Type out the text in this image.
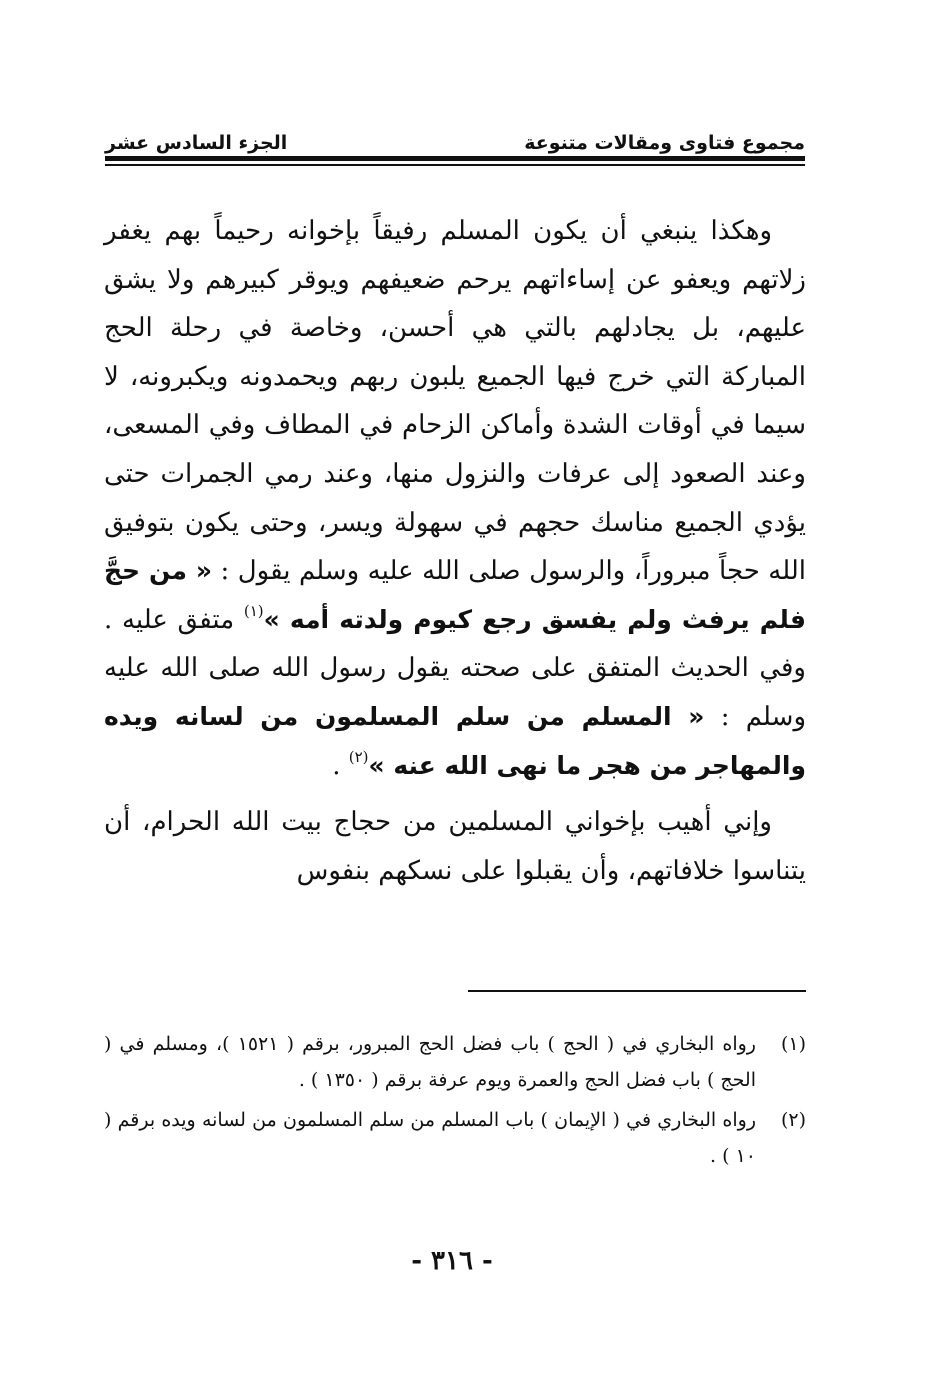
مجموع فتاوى ومقالات متنوعة
الجزء السادس عشر

وهكذا ينبغي أن يكون المسلم رفيقاً بإخوانه رحيماً بهم يغفر زلاتهم ويعفو عن إساءاتهم يرحم ضعيفهم ويوقر كبيرهم ولا يشق عليهم، بل يجادلهم بالتي هي أحسن، وخاصة في رحلة الحج المباركة التي خرج فيها الجميع يلبون ربهم ويحمدونه ويكبرونه، لا سيما في أوقات الشدة وأماكن الزحام في المطاف وفي المسعى، وعند الصعود إلى عرفات والنزول منها، وعند رمي الجمرات حتى يؤدي الجميع مناسك حجهم في سهولة ويسر، وحتى يكون بتوفيق الله حجاً مبروراً، والرسول صلى الله عليه وسلم يقول : « من حجَّ فلم يرفث ولم يفسق رجع كيوم ولدته أمه »$^{(١)}$ متفق عليه . وفي الحديث المتفق على صحته يقول رسول الله صلى الله عليه وسلم : « المسلم من سلم المسلمون من لسانه ويده والمهاجر من هجر ما نهى الله عنه »$^{(٢)}$ .

وإني أهيب بإخواني المسلمين من حجاج بيت الله الحرام، أن يتناسوا خلافاتهم، وأن يقبلوا على نسكهم بنفوس

(١)
رواه البخاري في ( الحج ) باب فضل الحج المبرور، برقم ( ١٥٢١ )، ومسلم في ( الحج ) باب فضل الحج والعمرة ويوم عرفة برقم ( ١٣٥٠ ) .
(٢)
رواه البخاري في ( الإيمان ) باب المسلم من سلم المسلمون من لسانه ويده برقم ( ١٠ ) .
- ٣١٦ -
